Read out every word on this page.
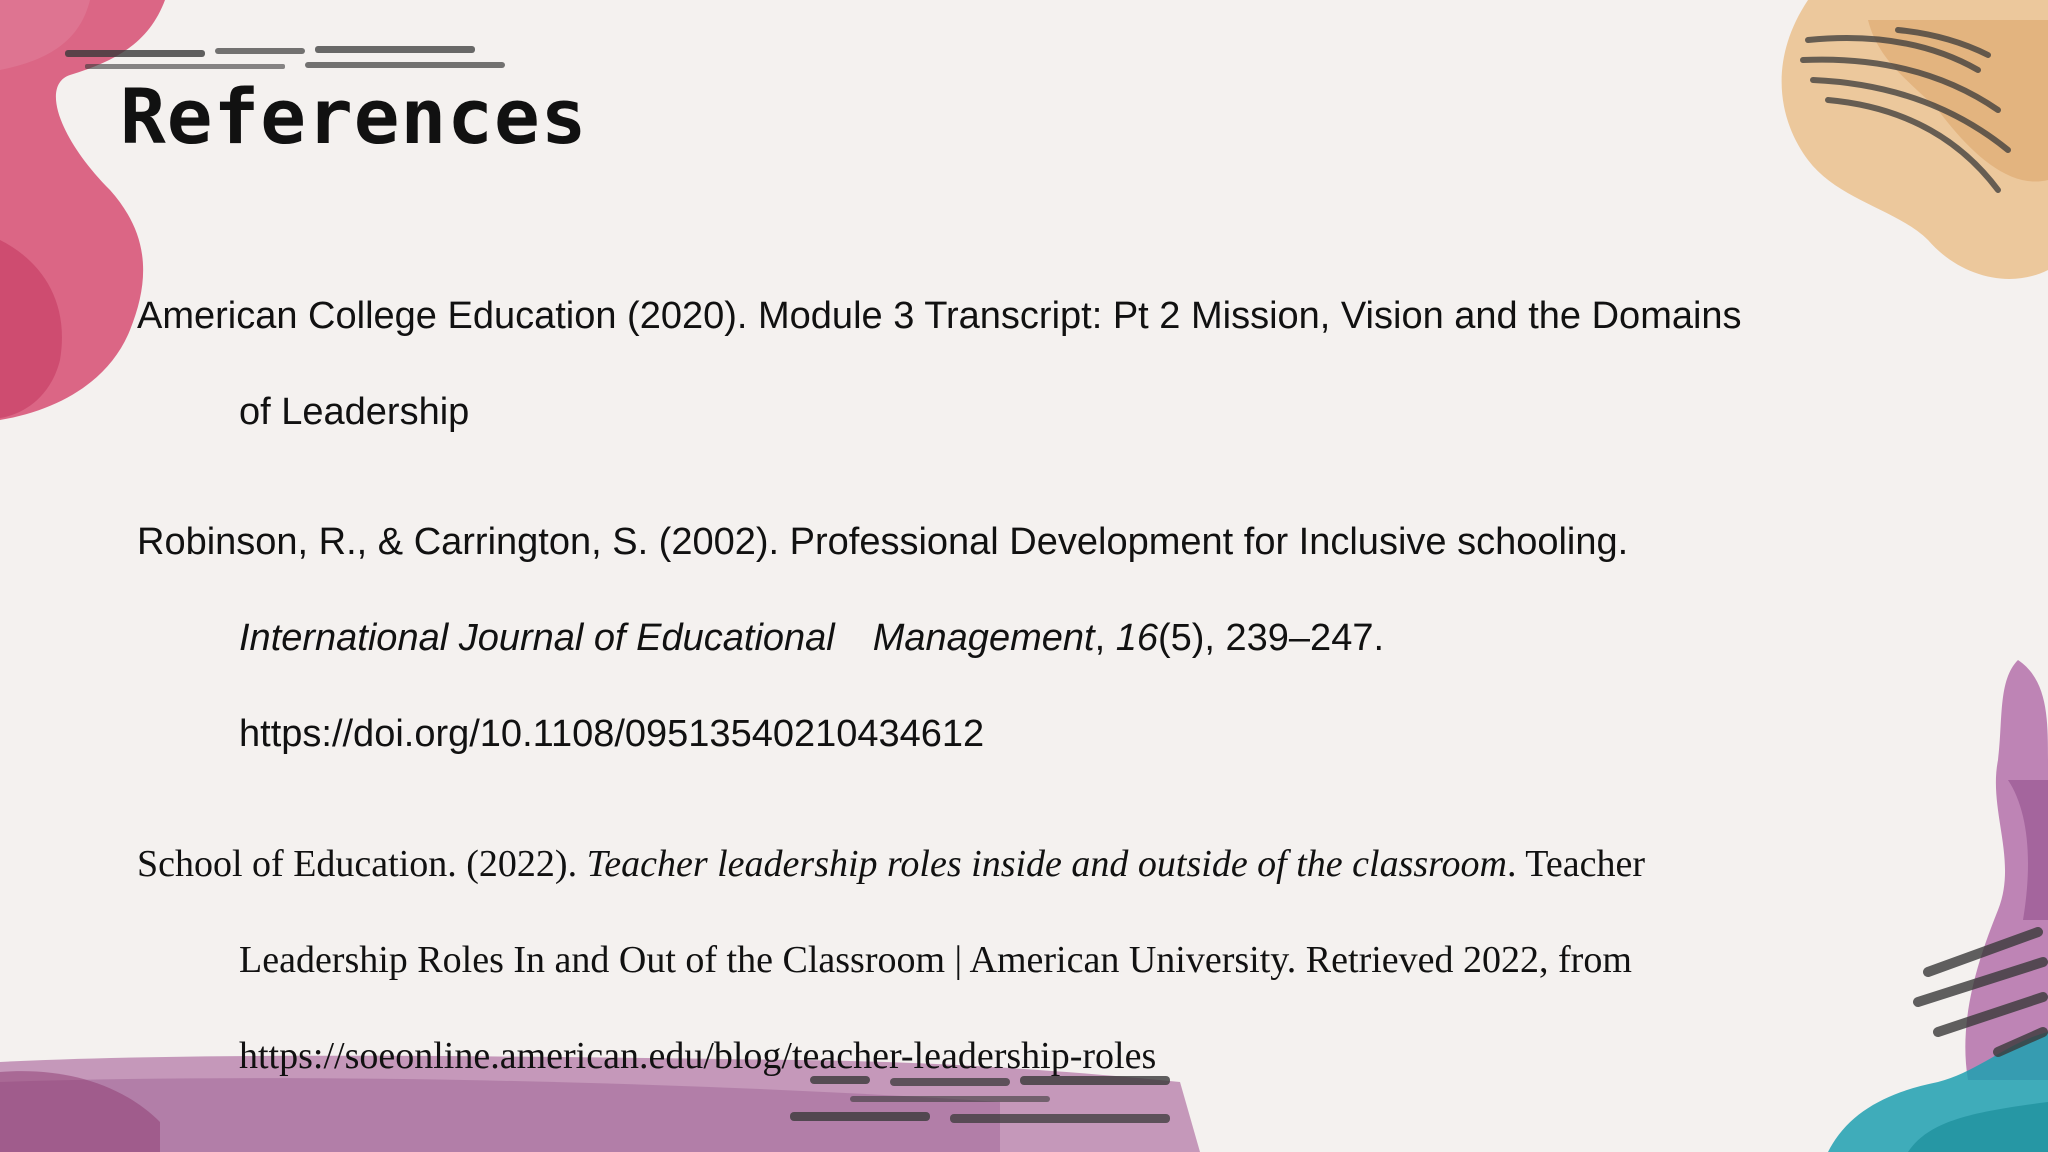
References

American College Education (2020). Module 3 Transcript: Pt 2 Mission, Vision and the Domains

of Leadership

Robinson, R., & Carrington, S. (2002). Professional Development for Inclusive schooling.

International Journal of Educational Management, 16(5), 239–247.

https://doi.org/10.1108/09513540210434612

School of Education. (2022). Teacher leadership roles inside and outside of the classroom. Teacher

Leadership Roles In and Out of the Classroom | American University. Retrieved 2022, from

https://soeonline.american.edu/blog/teacher-leadership-roles
